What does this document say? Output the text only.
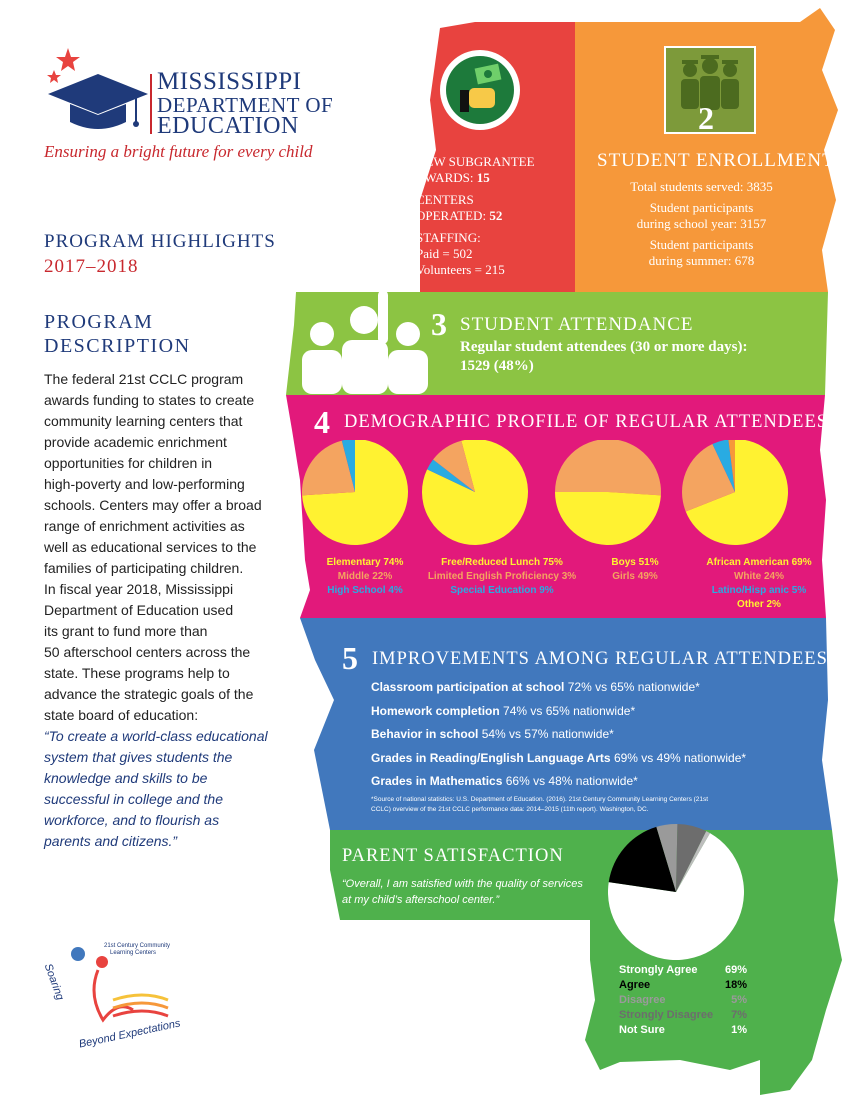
MISSISSIPPI
DEPARTMENT OF
EDUCATION
Ensuring a bright future for every child
PROGRAM HIGHLIGHTS
2017–2018
PROGRAM
DESCRIPTION
The federal 21st CCLC program
awards funding to states to create
community learning centers that
provide academic enrichment
opportunities for children in
high-poverty and low-performing
schools. Centers may offer a broad
range of enrichment activities as
well as educational services to the
families of participating children.
In fiscal year 2018, Mississippi
Department of Education used
its grant to fund more than
50 afterschool centers across the
state. These programs help to
advance the strategic goals of the
state board of education:
“To create a world-class educational
system that gives students the
knowledge and skills to be
successful in college and the
workforce, and to flourish as
parents and citizens.”
21st Century Community
Learning Centers
Soaring
Beyond Expectations
1
NEW SUBGRANTEE
AWARDS: 15
CENTERS
OPERATED: 52
STAFFING:
Paid = 502
Volunteers = 215
2
STUDENT ENROLLMENT
Total students served: 3835
Student participants
during school year: 3157
Student participants
during summer: 678
3 STUDENT ATTENDANCE
Regular student attendees (30 or more days):
1529 (48%)
4 DEMOGRAPHIC PROFILE OF REGULAR ATTENDEES
Elementary 74%
Middle 22%
High School 4%
Free/Reduced Lunch 75%
Limited English Proficiency 3%
Special Education 9%
Boys 51%
Girls 49%
African American 69%
White 24%
Latino/Hisp anic 5%
Other 2%
5 IMPROVEMENTS AMONG REGULAR ATTENDEES
Classroom participation at school 72% vs 65% nationwide*
Homework completion 74% vs 65% nationwide*
Behavior in school 54% vs 57% nationwide*
Grades in Reading/English Language Arts 69% vs 49% nationwide*
Grades in Mathematics 66% vs 48% nationwide*
*Source of national statistics: U.S. Department of Education. (2016). 21st Century Community Learning Centers (21st
CCLC) overview of the 21st CCLC performance data: 2014–2015 (11th report). Washington, DC.
6 PARENT SATISFACTION
“Overall, I am satisfied with the quality of services
at my child’s afterschool center.”
Strongly Agree	69%
Agree	18%
Disagree	5%
Strongly Disagree 7%
Not Sure	1%
